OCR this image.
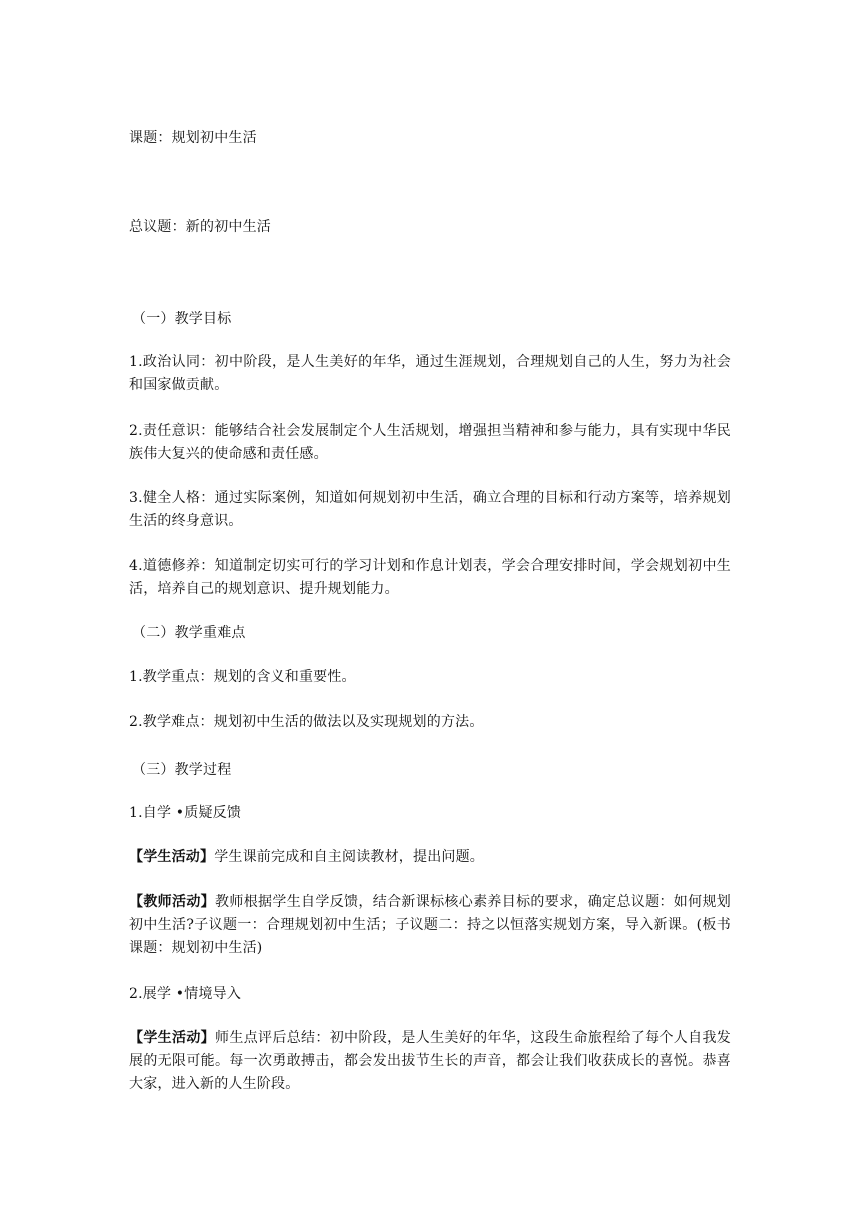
课题：规划初中生活
总议题：新的初中生活
（一）教学目标
1.政治认同：初中阶段，是人生美好的年华，通过生涯规划，合理规划自己的人生，努力为社会和国家做贡献。
2.责任意识：能够结合社会发展制定个人生活规划，增强担当精神和参与能力，具有实现中华民族伟大复兴的使命感和责任感。
3.健全人格：通过实际案例，知道如何规划初中生活，确立合理的目标和行动方案等，培养规划生活的终身意识。
4.道德修养：知道制定切实可行的学习计划和作息计划表，学会合理安排时间，学会规划初中生活，培养自己的规划意识、提升规划能力。
（二）教学重难点
1.教学重点：规划的含义和重要性。
2.教学难点：规划初中生活的做法以及实现规划的方法。
（三）教学过程
1.自学 •质疑反馈
【学生活动】学生课前完成和自主阅读教材，提出问题。
【教师活动】教师根据学生自学反馈，结合新课标核心素养目标的要求，确定总议题：如何规划初中生活?子议题一：合理规划初中生活；子议题二：持之以恒落实规划方案，导入新课。(板书课题：规划初中生活)
2.展学 •情境导入
【学生活动】师生点评后总结：初中阶段，是人生美好的年华，这段生命旅程给了每个人自我发展的无限可能。每一次勇敢搏击，都会发出拔节生长的声音，都会让我们收获成长的喜悦。恭喜大家，进入新的人生阶段。
